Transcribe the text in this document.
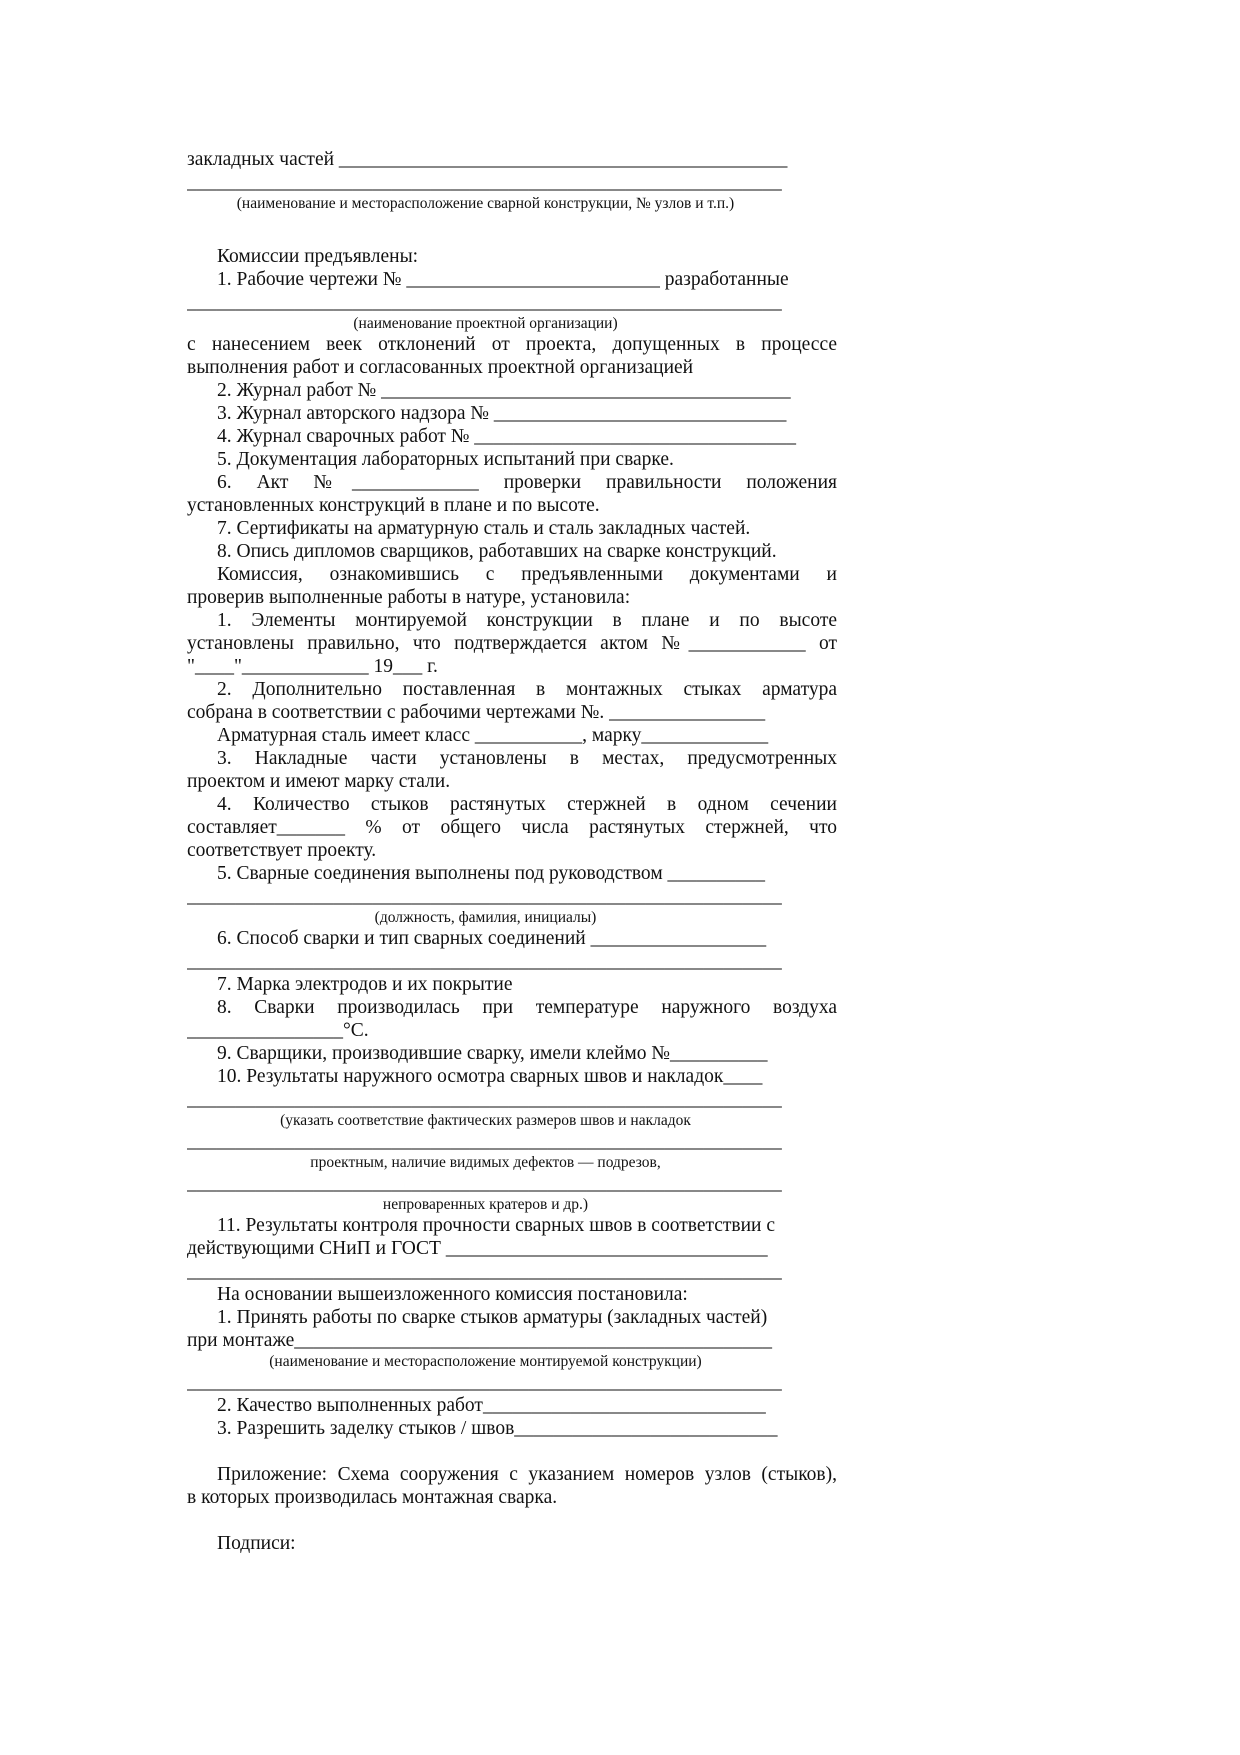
закладных частей ______________________________________________
_____________________________________________________________
(наименование и месторасположение сварной конструкции, № узлов и т.п.)
Комиссии предъявлены:
1. Рабочие чертежи № __________________________ разработанные
_____________________________________________________________
(наименование проектной организации)
с нанесением веек отклонений от проекта, допущенных в процессе
выполнения работ и согласованных проектной организацией
2. Журнал работ № __________________________________________
3. Журнал авторского надзора № ______________________________
4. Журнал сварочных работ № _________________________________
5. Документация лабораторных испытаний при сварке.
6. Акт №_____________ проверки правильности положения
установленных конструкций в плане и по высоте.
7. Сертификаты на арматурную сталь и сталь закладных частей.
8. Опись дипломов сварщиков, работавших на сварке конструкций.
Комиссия, ознакомившись с предъявленными документами и
проверив выполненные работы в натуре, установила:
1. Элементы монтируемой конструкции в плане и по высоте
установлены правильно, что подтверждается актом №____________ от
"____"_____________ 19___ г.
2. Дополнительно поставленная в монтажных стыках арматура
собрана в соответствии с рабочими чертежами №. ________________
Арматурная сталь имеет класс ___________, марку_____________
3. Накладные части установлены в местах, предусмотренных
проектом и имеют марку стали.
4. Количество стыков растянутых стержней в одном сечении
составляет_______ % от общего числа растянутых стержней, что
соответствует проекту.
5. Сварные соединения выполнены под руководством __________
_____________________________________________________________
(должность, фамилия, инициалы)
6. Способ сварки и тип сварных соединений __________________
_____________________________________________________________
7. Марка электродов и их покрытие
8. Сварки производилась при температуре наружного воздуха
________________°С.
9. Сварщики, производившие сварку, имели клеймо №__________
10. Результаты наружного осмотра сварных швов и накладок____
_____________________________________________________________
(указать соответствие фактических размеров швов и накладок
_____________________________________________________________
проектным, наличие видимых дефектов — подрезов,
_____________________________________________________________
непроваренных кратеров и др.)
11. Результаты контроля прочности сварных швов в соответствии с
действующими СНиП и ГОСТ _________________________________
_____________________________________________________________
На основании вышеизложенного комиссия постановила:
1. Принять работы по сварке стыков арматуры (закладных частей)
при монтаже_________________________________________________
(наименование и месторасположение монтируемой конструкции)
_____________________________________________________________
2. Качество выполненных работ_____________________________
3. Разрешить заделку стыков / швов___________________________
Приложение: Схема сооружения с указанием номеров узлов (стыков),
в которых производилась монтажная сварка.
Подписи:
